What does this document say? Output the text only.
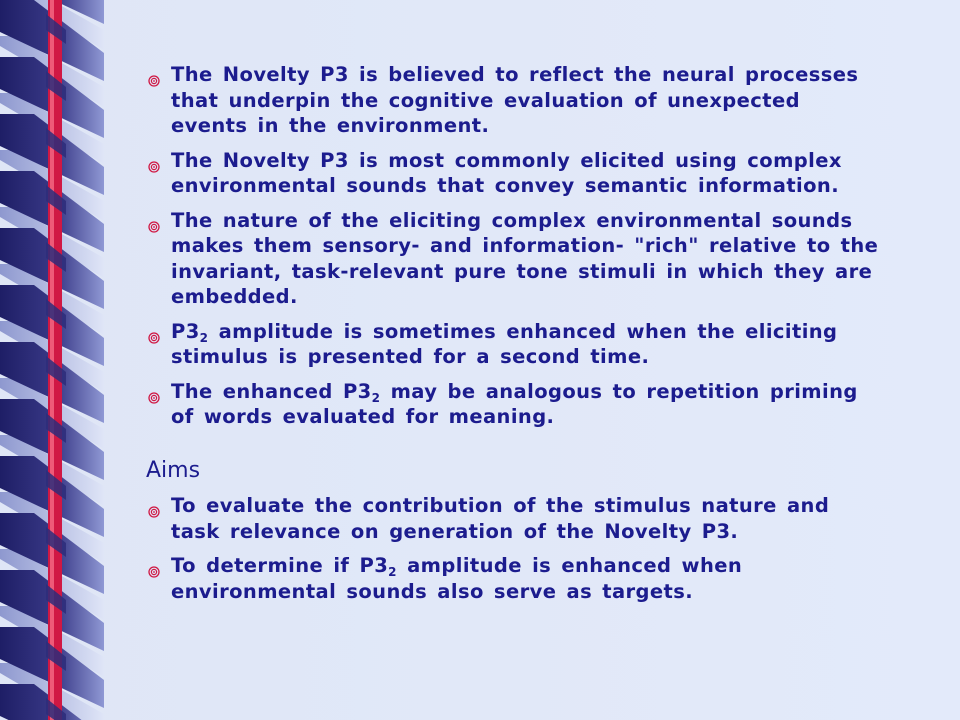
The Novelty P3 is believed to reflect the neural processes that underpin the cognitive evaluation of unexpected events in the environment.
The Novelty P3 is most commonly elicited using complex environmental sounds that convey semantic information.
The nature of the eliciting complex environmental sounds makes them sensory- and information- "rich" relative to the invariant, task-relevant pure tone stimuli in which they are embedded.
$P3_2$ amplitude is sometimes enhanced when the eliciting stimulus is presented for a second time.
The enhanced $P3_2$ may be analogous to repetition priming of words evaluated for meaning.
Aims
To evaluate the contribution of the stimulus nature and task relevance on generation of the Novelty P3.
To determine if $P3_2$ amplitude is enhanced when environmental sounds also serve as targets.
